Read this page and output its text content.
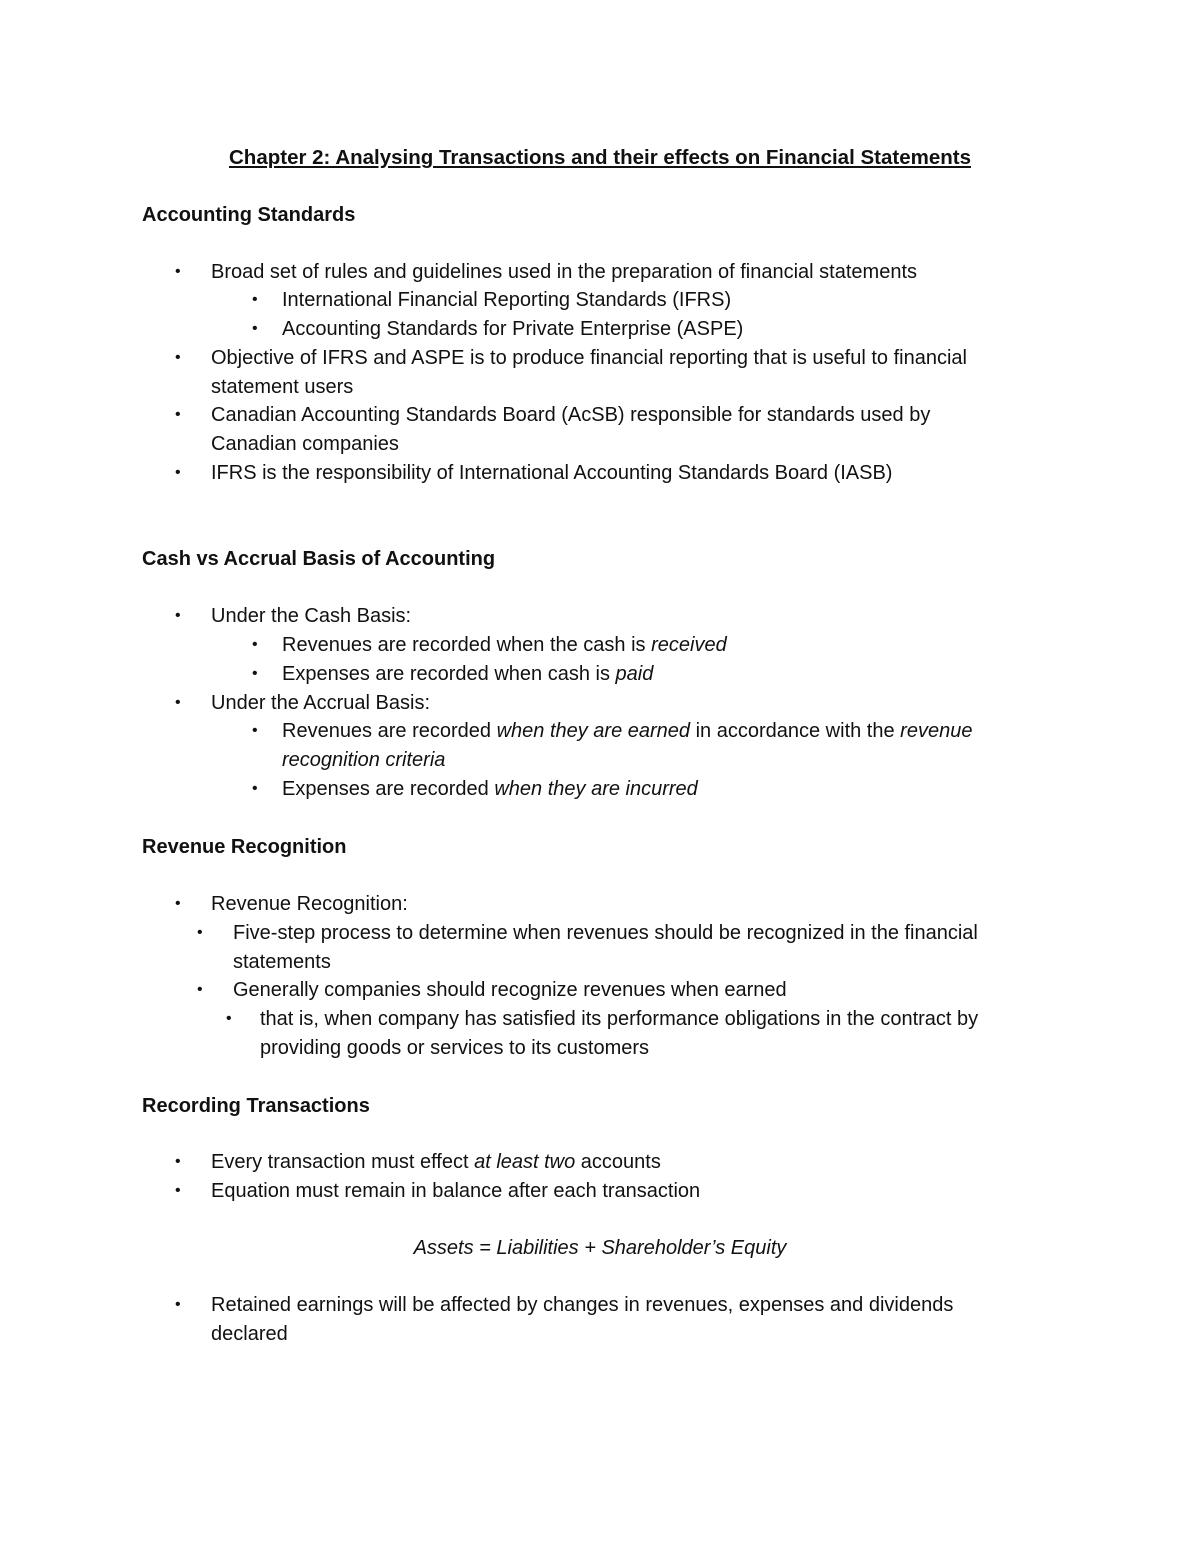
Chapter 2: Analysing Transactions and their effects on Financial Statements
Accounting Standards
• Broad set of rules and guidelines used in the preparation of financial statements
• International Financial Reporting Standards (IFRS)
• Accounting Standards for Private Enterprise (ASPE)
• Objective of IFRS and ASPE is to produce financial reporting that is useful to financial
statement users
• Canadian Accounting Standards Board (AcSB) responsible for standards used by
Canadian companies
• IFRS is the responsibility of International Accounting Standards Board (IASB)
Cash vs Accrual Basis of Accounting
• Under the Cash Basis:
• Revenues are recorded when the cash is received
• Expenses are recorded when cash is paid
• Under the Accrual Basis:
• Revenues are recorded when they are earned in accordance with the revenue
recognition criteria
• Expenses are recorded when they are incurred
Revenue Recognition
• Revenue Recognition:
• Five-step process to determine when revenues should be recognized in the financial
statements
• Generally companies should recognize revenues when earned
• that is, when company has satisfied its performance obligations in the contract by
providing goods or services to its customers
Recording Transactions
• Every transaction must effect at least two accounts
• Equation must remain in balance after each transaction
Assets = Liabilities + Shareholder’s Equity
• Retained earnings will be affected by changes in revenues, expenses and dividends
declared
